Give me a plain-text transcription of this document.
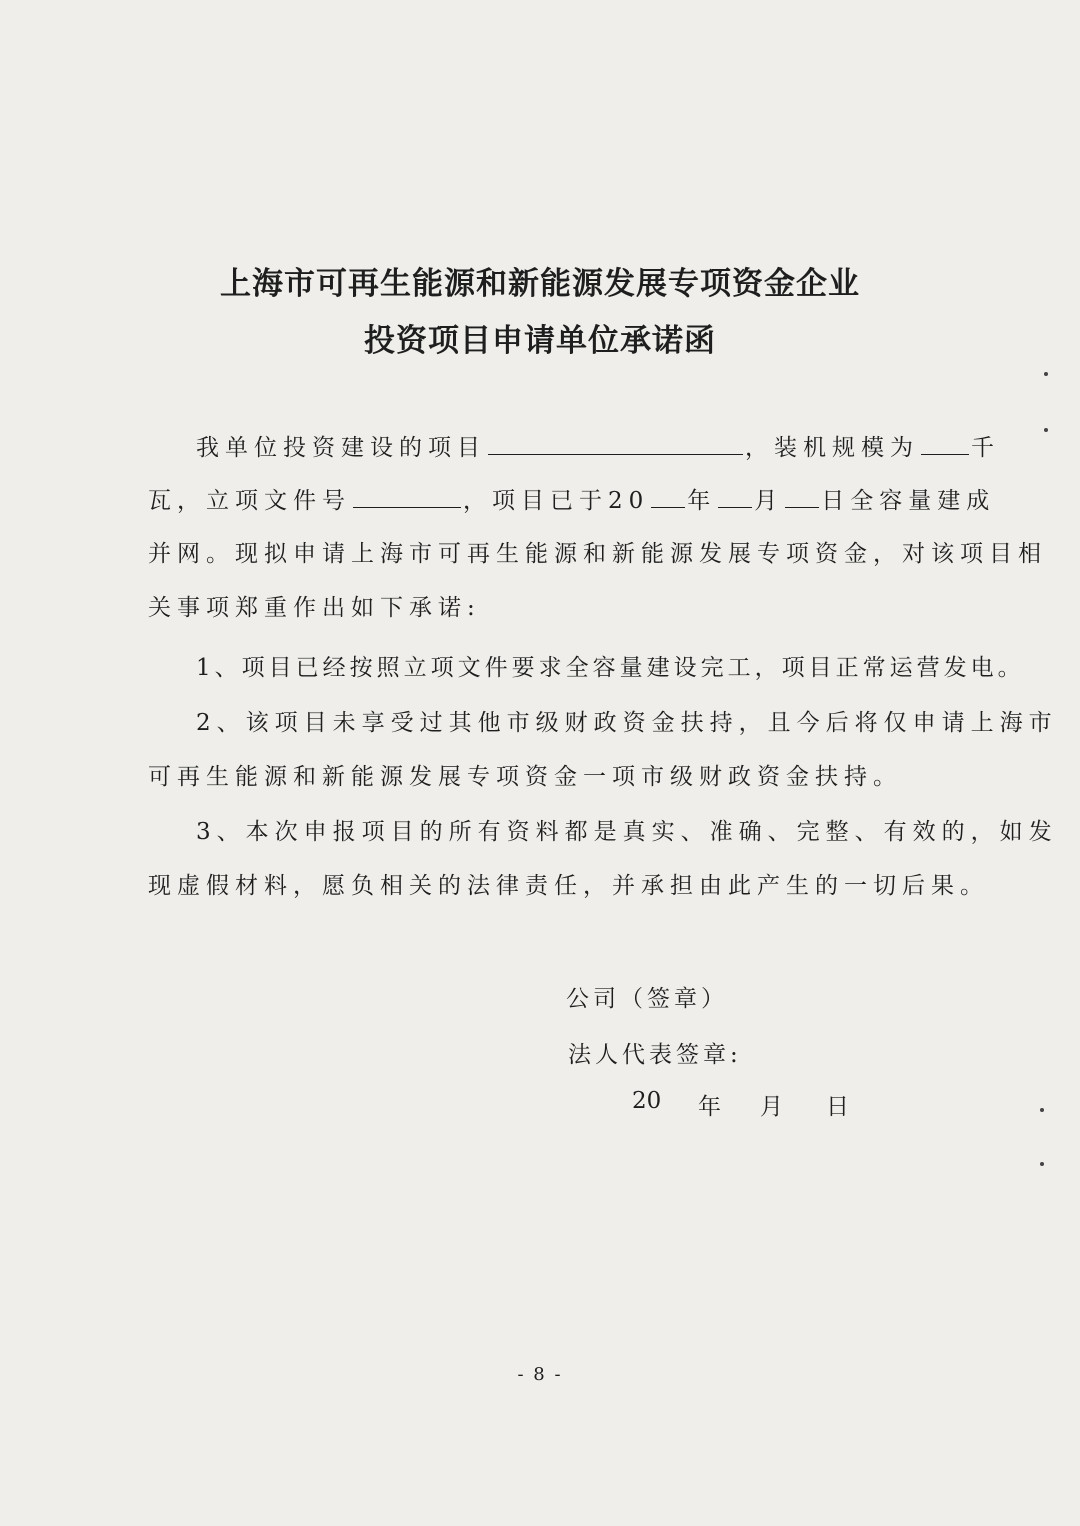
上海市可再生能源和新能源发展专项资金企业
投资项目申请单位承诺函
我单位投资建设的项目	，装机规模为 千
瓦，立项文件号	，项目已于20 年 月 日全容量建成
并网。现拟申请上海市可再生能源和新能源发展专项资金，对该项目相
关事项郑重作出如下承诺:
1、项目已经按照立项文件要求全容量建设完工，项目正常运营发电。
2、该项目未享受过其他市级财政资金扶持，且今后将仅申请上海市
可再生能源和新能源发展专项资金一项市级财政资金扶持。
3、本次申报项目的所有资料都是真实、准确、完整、有效的，如发
现虚假材料，愿负相关的法律责任，并承担由此产生的一切后果。
公司（签章）
法人代表签章:
20 年 月 日
- 8 -
